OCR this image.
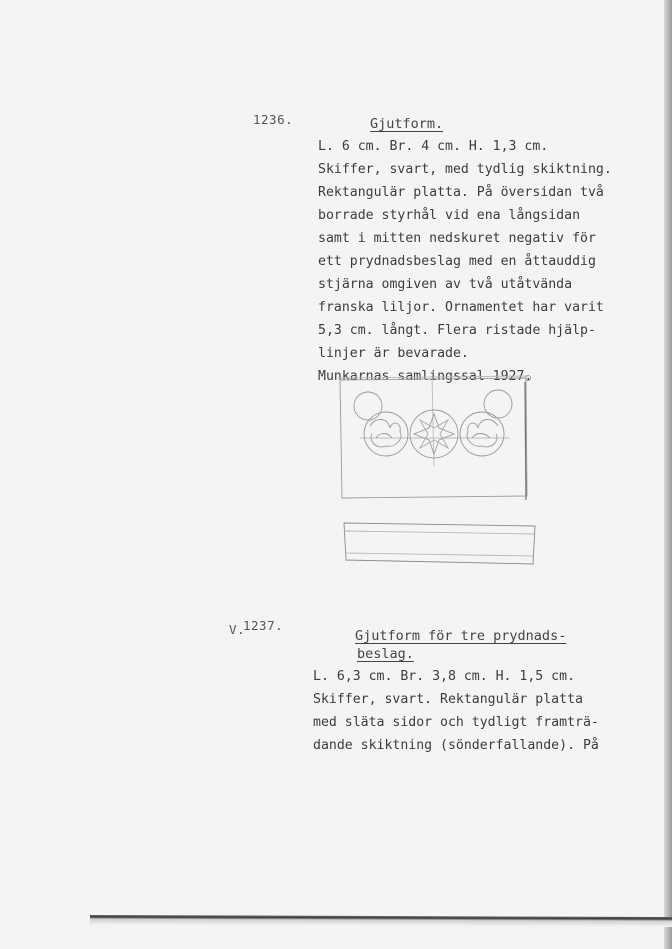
1236.	Gjutform.
L. 6 cm. Br. 4 cm. H. 1,3 cm.
Skiffer, svart, med tydlig skiktning.
Rektangulär platta. På översidan två
borrade styrhål vid ena långsidan
samt i mitten nedskuret negativ för
ett prydnadsbeslag med en åttauddig
stjärna omgiven av två utåtvända
franska liljor. Ornamentet har varit
5,3 cm. långt. Flera ristade hjälp-
linjer är bevarade.
Munkarnas samlingssal 1927.
V.
1237.
Gjutform för tre prydnads-
beslag.
L. 6,3 cm. Br. 3,8 cm. H. 1,5 cm.
Skiffer, svart. Rektangulär platta
med släta sidor och tydligt framträ-
dande skiktning (sönderfallande). På
